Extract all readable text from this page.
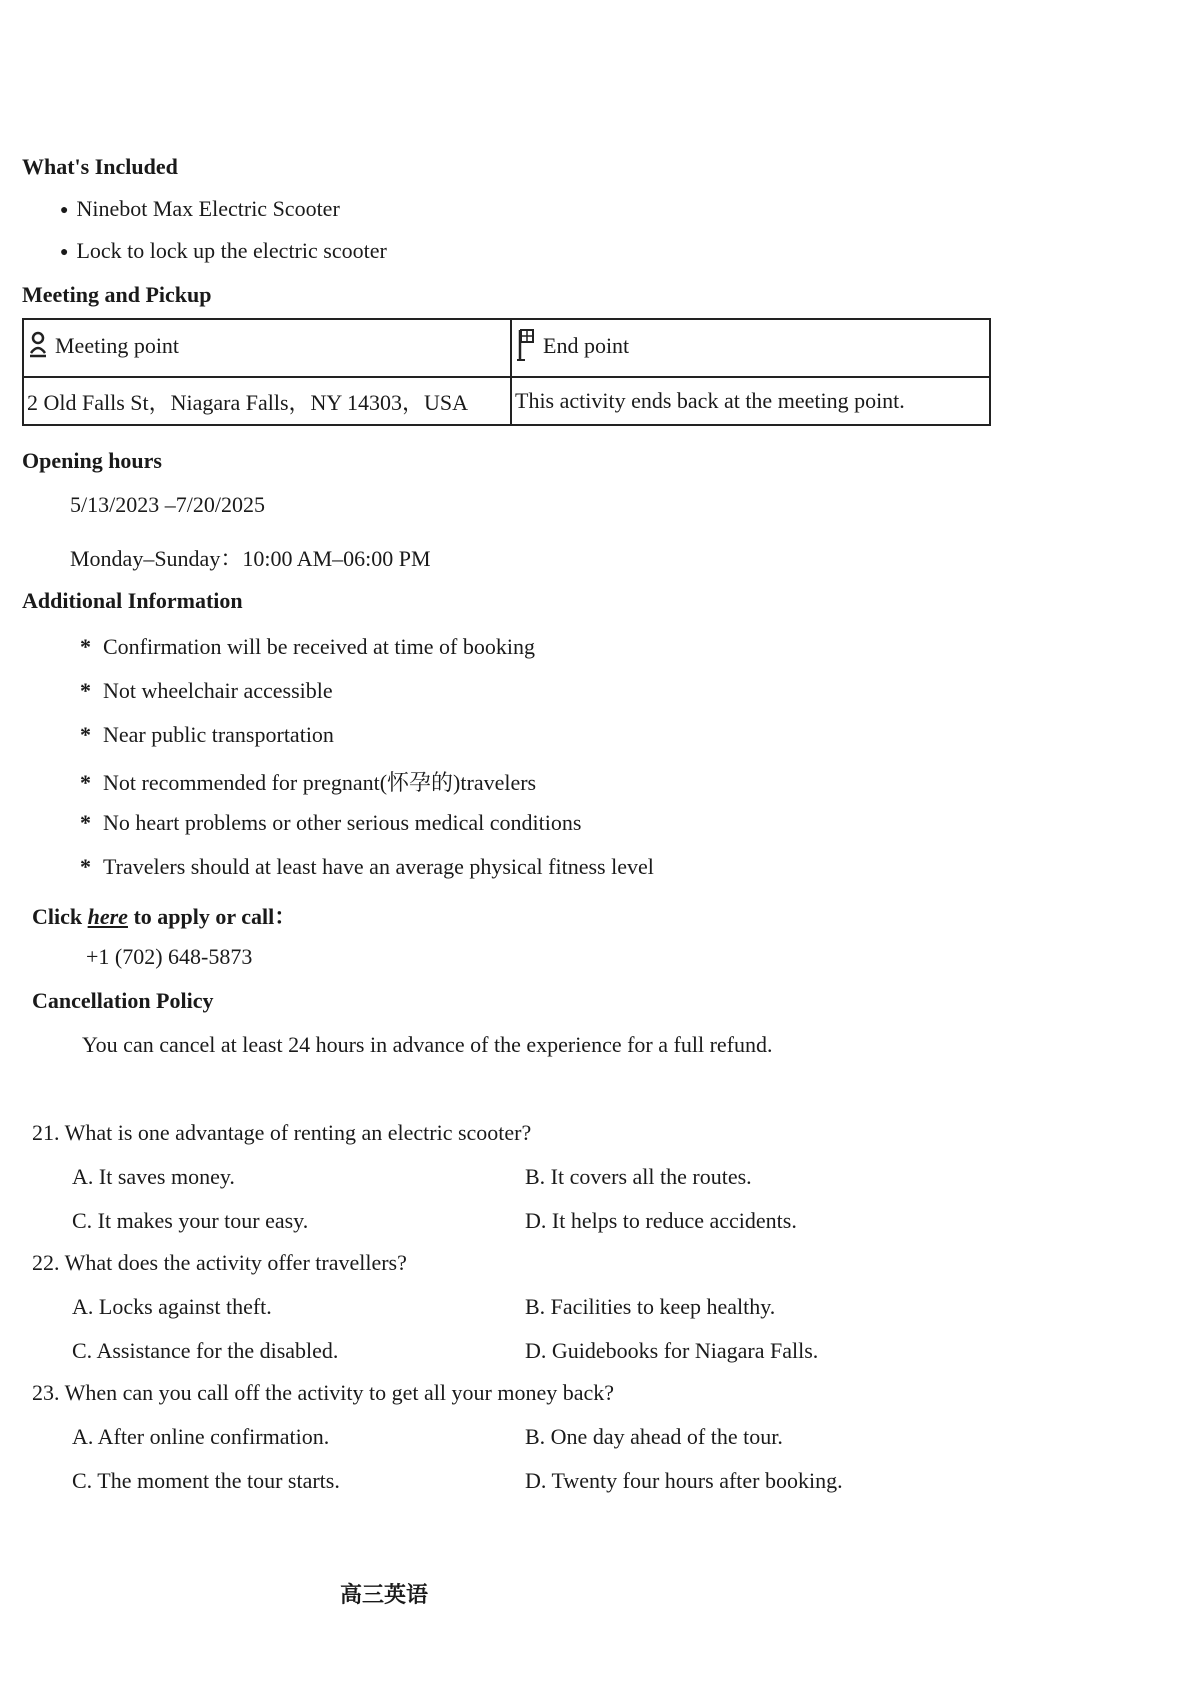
What's Included
● Ninebot Max Electric Scooter
● Lock to lock up the electric scooter
Meeting and Pickup
Meeting point	End point
2 Old Falls St，Niagara Falls，NY 14303，USA	This activity ends back at the meeting point.
Opening hours
5/13/2023 –7/20/2025
Monday–Sunday：10:00 AM–06:00 PM
Additional Information
* Confirmation will be received at time of booking
* Not wheelchair accessible
* Near public transportation
* Not recommended for pregnant(怀孕的)travelers
* No heart problems or other serious medical conditions
* Travelers should at least have an average physical fitness level
Click here to apply or call：
+1 (702) 648-5873
Cancellation Policy
You can cancel at least 24 hours in advance of the experience for a full refund.
21. What is one advantage of renting an electric scooter?
A. It saves money.	B. It covers all the routes.
C. It makes your tour easy.	D. It helps to reduce accidents.
22. What does the activity offer travellers?
A. Locks against theft.	B. Facilities to keep healthy.
C. Assistance for the disabled.	D. Guidebooks for Niagara Falls.
23. When can you call off the activity to get all your money back?
A. After online confirmation.	B. One day ahead of the tour.
C. The moment the tour starts.	D. Twenty four hours after booking.
高三英语
